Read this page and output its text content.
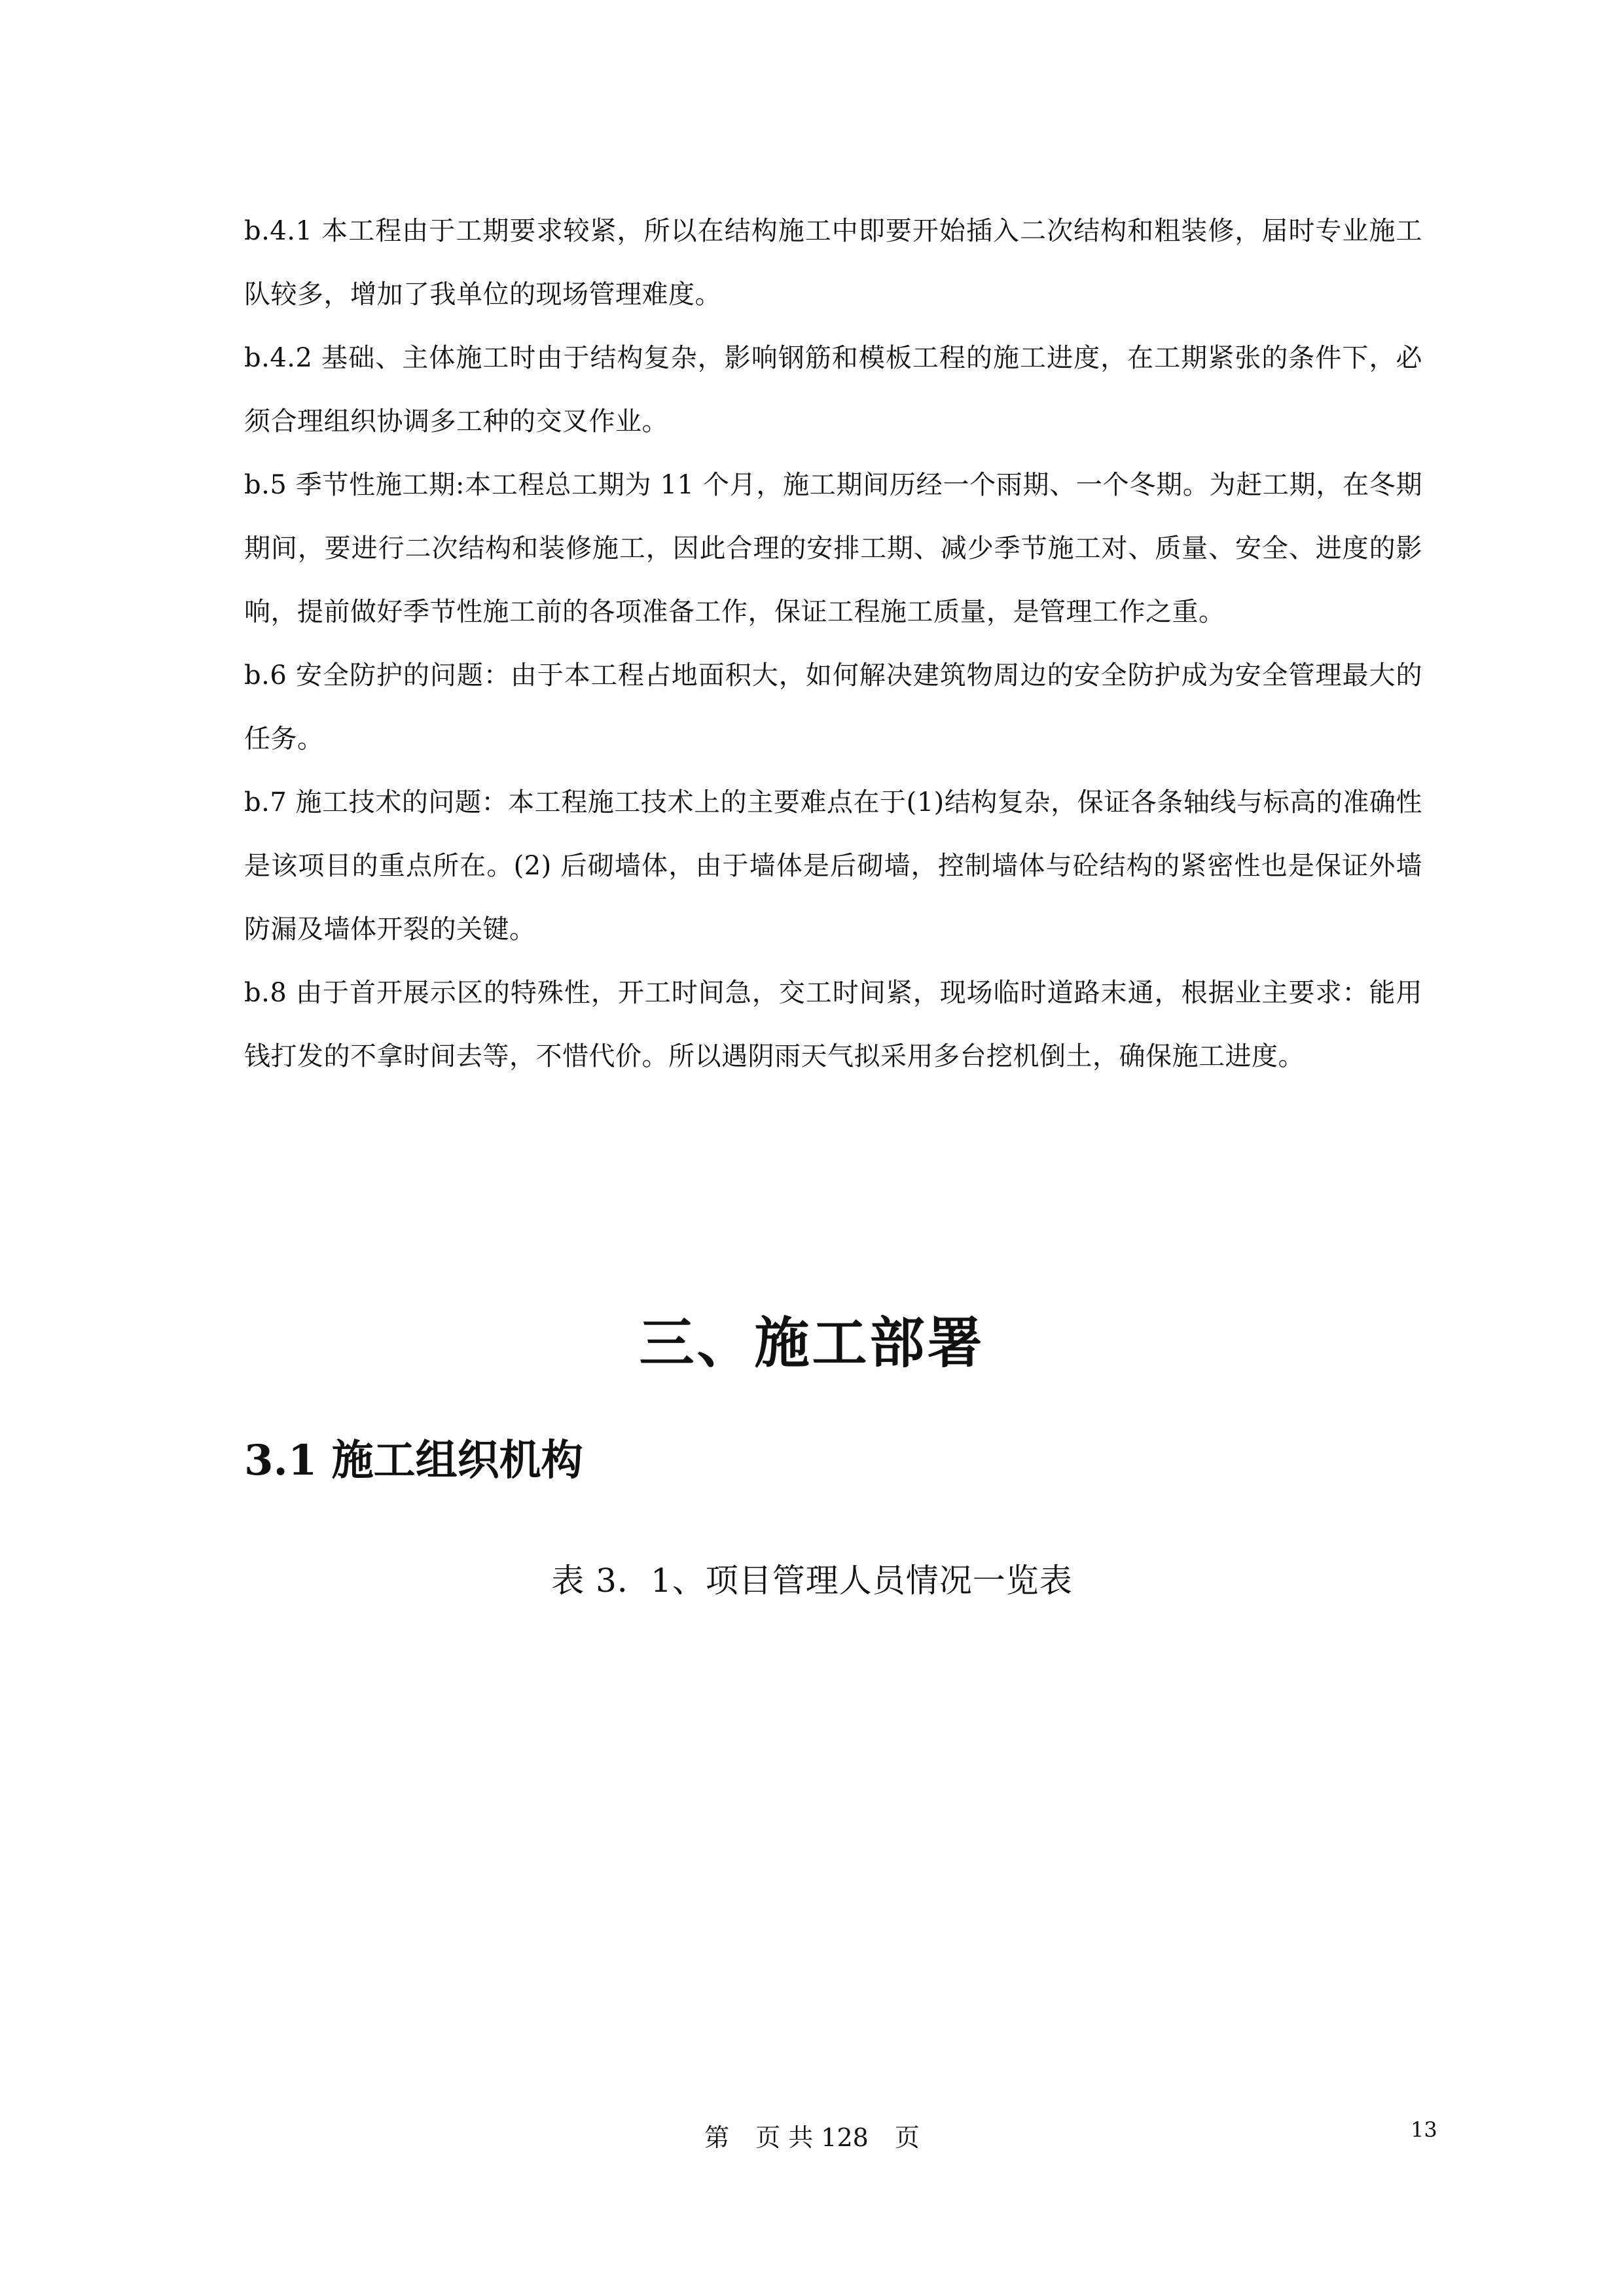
b.4.1 本工程由于工期要求较紧，所以在结构施工中即要开始插入二次结构和粗装修，届时专业施工队较多，增加了我单位的现场管理难度。

b.4.2 基础、主体施工时由于结构复杂，影响钢筋和模板工程的施工进度，在工期紧张的条件下，必须合理组织协调多工种的交叉作业。

b.5 季节性施工期:本工程总工期为 11 个月，施工期间历经一个雨期、一个冬期。为赶工期，在冬期期间，要进行二次结构和装修施工，因此合理的安排工期、减少季节施工对、质量、安全、进度的影响，提前做好季节性施工前的各项准备工作，保证工程施工质量，是管理工作之重。

b.6 安全防护的问题：由于本工程占地面积大，如何解决建筑物周边的安全防护成为安全管理最大的任务。

b.7 施工技术的问题：本工程施工技术上的主要难点在于(1)结构复杂，保证各条轴线与标高的准确性是该项目的重点所在。(2) 后砌墙体，由于墙体是后砌墙，控制墙体与砼结构的紧密性也是保证外墙防漏及墙体开裂的关键。

b.8 由于首开展示区的特殊性，开工时间急，交工时间紧，现场临时道路末通，根据业主要求：能用钱打发的不拿时间去等，不惜代价。所以遇阴雨天气拟采用多台挖机倒土，确保施工进度。

三、施工部署
3.1 施工组织机构

表 3．1、项目管理人员情况一览表

第 页 共 128 页	13
